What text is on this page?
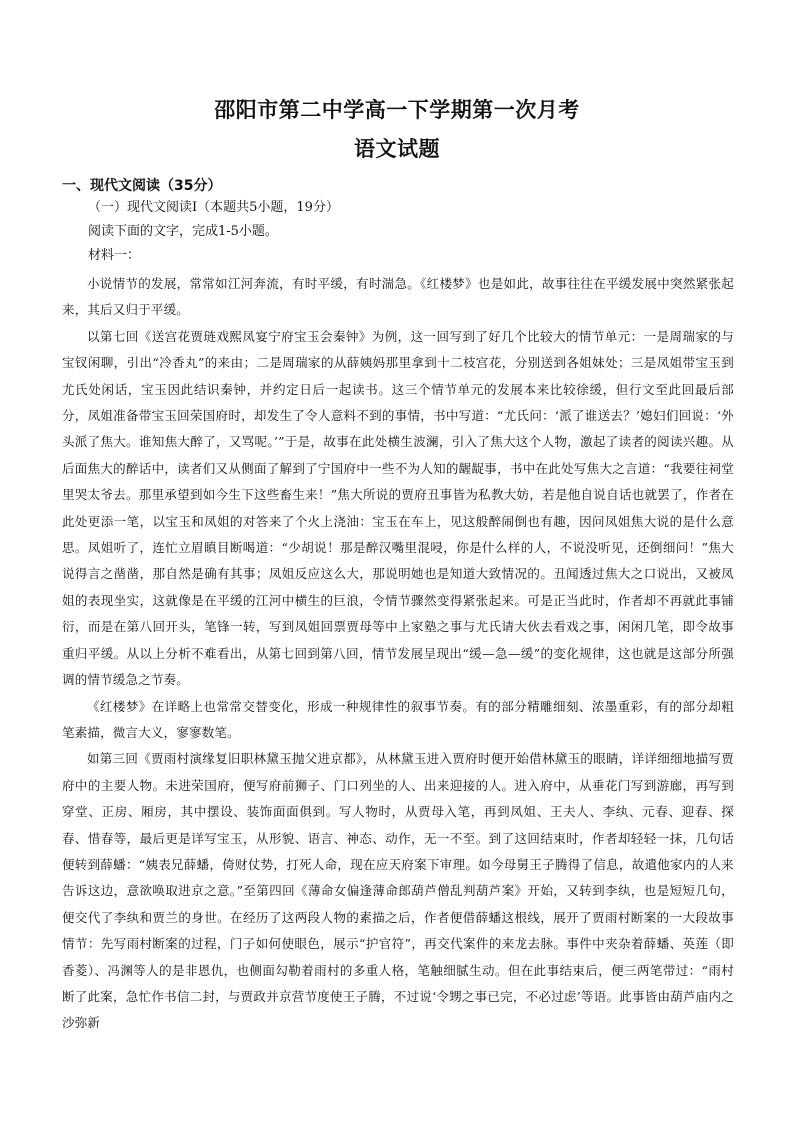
邵阳市第二中学高一下学期第一次月考
语文试题
一、现代文阅读（35分）
（一）现代文阅读Ⅰ（本题共5小题，19分）
阅读下面的文字，完成1-5小题。
材料一：

小说情节的发展，常常如江河奔流，有时平缓，有时湍急。《红楼梦》也是如此，故事往往在平缓发展中突然紧张起来，其后又归于平缓。

以第七回《送宫花贾琏戏熙凤宴宁府宝玉会秦钟》为例，这一回写到了好几个比较大的情节单元：一是周瑞家的与宝钗闲聊，引出“冷香丸”的来由；二是周瑞家的从薛姨妈那里拿到十二枝宫花，分别送到各姐妹处；三是凤姐带宝玉到尤氏处闲话，宝玉因此结识秦钟，并约定日后一起读书。这三个情节单元的发展本来比较徐缓，但行文至此回最后部分，凤姐准备带宝玉回荣国府时，却发生了令人意料不到的事情，书中写道：“尤氏问：‘派了谁送去？’媳妇们回说：‘外头派了焦大。谁知焦大醉了，又骂呢。’”于是，故事在此处横生波澜，引入了焦大这个人物，激起了读者的阅读兴趣。从后面焦大的醉话中，读者们又从侧面了解到了宁国府中一些不为人知的龌龊事，书中在此处写焦大之言道：“我要往祠堂里哭太爷去。那里承望到如今生下这些畜生来！”焦大所说的贾府丑事皆为私教大妨，若是他自说自话也就罢了，作者在此处更添一笔，以宝玉和凤姐的对答来了个火上浇油：宝玉在车上，见这般醉闹倒也有趣，因问凤姐焦大说的是什么意思。凤姐听了，连忙立眉瞋目断喝道：“少胡说！那是醉汉嘴里混唚，你是什么样的人，不说没听见，还倒细问！”焦大说得言之凿凿，那自然是确有其事；凤姐反应这么大，那说明她也是知道大致情况的。丑闻透过焦大之口说出，又被凤姐的表现坐实，这就像是在平缓的江河中横生的巨浪，令情节骤然变得紧张起来。可是正当此时，作者却不再就此事铺衍，而是在第八回开头，笔锋一转，写到凤姐回票贾母等中上家塾之事与尤氏请大伙去看戏之事，闲闲几笔，即令故事重归平缓。从以上分析不难看出，从第七回到第八回，情节发展呈现出“缓—急—缓”的变化规律，这也就是这部分所强调的情节缓急之节奏。

《红楼梦》在详略上也常常交替变化，形成一种规律性的叙事节奏。有的部分精雕细刻、浓墨重彩，有的部分却粗笔素描，微言大义，寥寥数笔。

如第三回《贾雨村演缘复旧职林黛玉抛父进京都》，从林黛玉进入贾府时便开始借林黛玉的眼睛，详详细细地描写贾府中的主要人物。未进荣国府，便写府前狮子、门口列坐的人、出来迎接的人。进入府中，从垂花门写到游廊，再写到穿堂、正房、厢房，其中摆设、装饰面面俱到。写人物时，从贾母入笔，再到凤姐、王夫人、李纨、元春、迎春、探春、惜春等，最后更是详写宝玉，从形貌、语言、神态、动作，无一不至。到了这回结束时，作者却轻轻一抹，几句话便转到薛蟠：“姨表兄薛蟠，倚财仗势，打死人命，现在应天府案下审理。如今母舅王子腾得了信息，故遣他家内的人来告诉这边，意欲唤取进京之意。”至第四回《薄命女偏逢薄命郎葫芦僧乱判葫芦案》开始，又转到李纨，也是短短几句，便交代了李纨和贾兰的身世。在经历了这两段人物的素描之后，作者便借薛蟠这根线，展开了贾雨村断案的一大段故事情节：先写雨村断案的过程，门子如何使眼色，展示“护官符”，再交代案件的来龙去脉。事件中夹杂着薛蟠、英莲（即香菱）、冯渊等人的是非恩仇，也侧面勾勒着雨村的多重人格，笔触细腻生动。但在此事结束后，便三两笔带过：“雨村断了此案，急忙作书信二封，与贾政并京营节度使王子腾，不过说‘令甥之事已完，不必过虑’等语。此事皆由葫芦庙内之沙弥新
